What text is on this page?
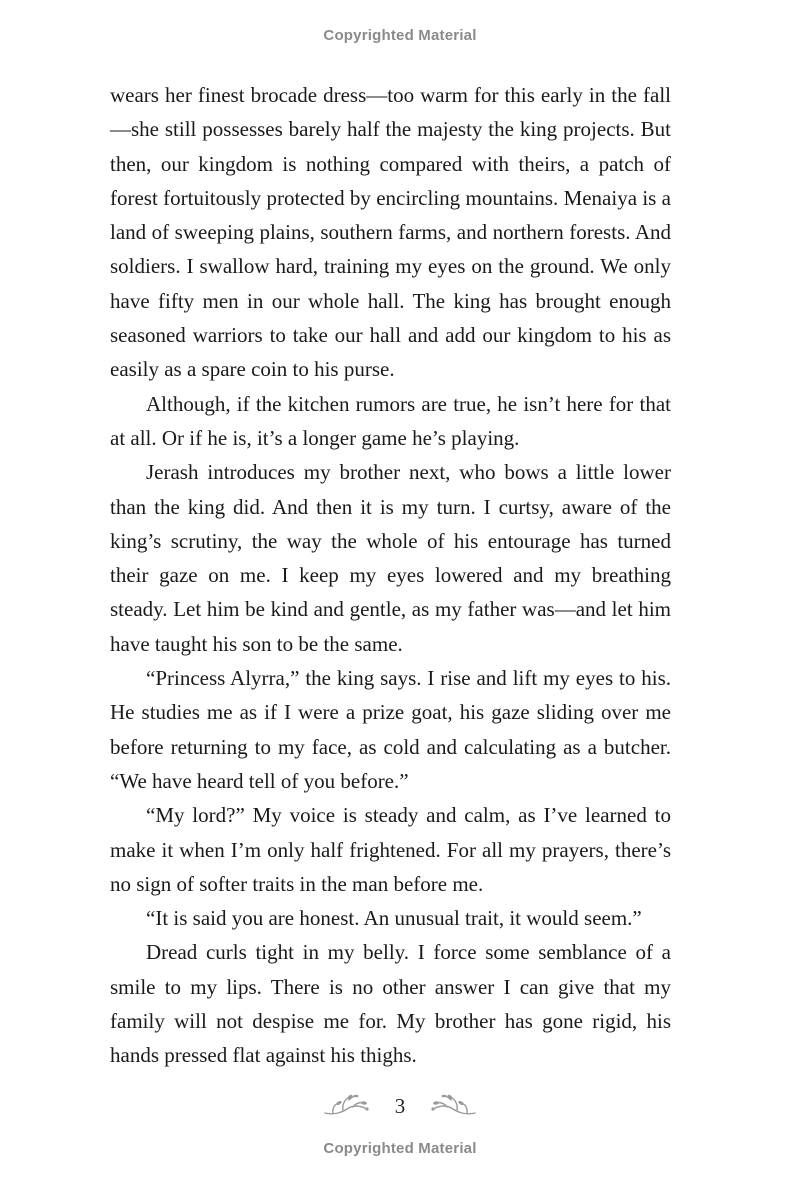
Copyrighted Material

wears her finest brocade dress—too warm for this early in the fall—she still possesses barely half the majesty the king projects. But then, our kingdom is nothing compared with theirs, a patch of forest fortuitously protected by encircling mountains. Menaiya is a land of sweeping plains, southern farms, and northern forests. And soldiers. I swallow hard, training my eyes on the ground. We only have fifty men in our whole hall. The king has brought enough seasoned warriors to take our hall and add our kingdom to his as easily as a spare coin to his purse.

Although, if the kitchen rumors are true, he isn’t here for that at all. Or if he is, it’s a longer game he’s playing.

Jerash introduces my brother next, who bows a little lower than the king did. And then it is my turn. I curtsy, aware of the king’s scrutiny, the way the whole of his entourage has turned their gaze on me. I keep my eyes lowered and my breathing steady. Let him be kind and gentle, as my father was—and let him have taught his son to be the same.

“Princess Alyrra,” the king says. I rise and lift my eyes to his. He studies me as if I were a prize goat, his gaze sliding over me before returning to my face, as cold and calculating as a butcher. “We have heard tell of you before.”

“My lord?” My voice is steady and calm, as I’ve learned to make it when I’m only half frightened. For all my prayers, there’s no sign of softer traits in the man before me.

“It is said you are honest. An unusual trait, it would seem.”

Dread curls tight in my belly. I force some semblance of a smile to my lips. There is no other answer I can give that my family will not despise me for. My brother has gone rigid, his hands pressed flat against his thighs.

3
Copyrighted Material
